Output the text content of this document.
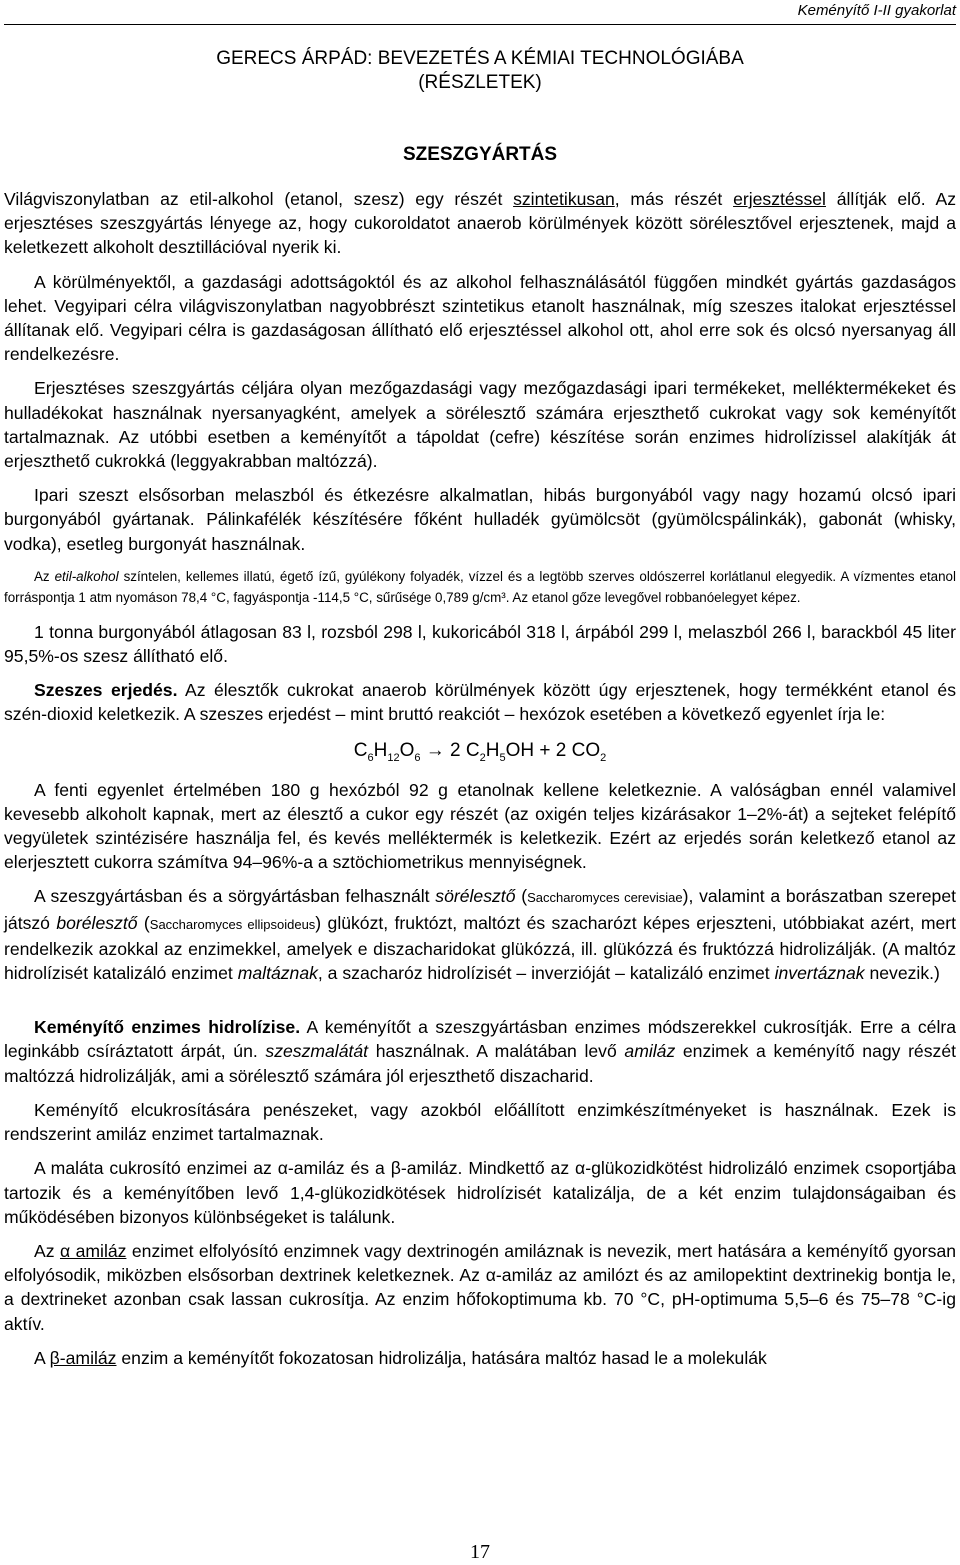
Keményítő I-II gyakorlat
GERECS ÁRPÁD: BEVEZETÉS A KÉMIAI TECHNOLÓGIÁBA
(RÉSZLETEK)
SZESZGYÁRTÁS

Világviszonylatban az etil-alkohol (etanol, szesz) egy részét szintetikusan, más részét erjesztéssel állítják elő. Az erjesztéses szeszgyártás lényege az, hogy cukoroldatot anaerob körülmények között sörélesztővel erjesztenek, majd a keletkezett alkoholt desztillációval nyerik ki.

A körülményektől, a gazdasági adottságoktól és az alkohol felhasználásától függően mindkét gyártás gazdaságos lehet. Vegyipari célra világviszonylatban nagyobbrészt szintetikus etanolt használnak, míg szeszes italokat erjesztéssel állítanak elő. Vegyipari célra is gazdaságosan állítható elő erjesztéssel alkohol ott, ahol erre sok és olcsó nyersanyag áll rendelkezésre.

Erjesztéses szeszgyártás céljára olyan mezőgazdasági vagy mezőgazdasági ipari termékeket, melléktermékeket és hulladékokat használnak nyersanyagként, amelyek a sörélesztő számára erjeszthető cukrokat vagy sok keményítőt tartalmaznak. Az utóbbi esetben a keményítőt a tápoldat (cefre) készítése során enzimes hidrolízissel alakítják át erjeszthető cukrokká (leggyakrabban maltózzá).

Ipari szeszt elsősorban melaszból és étkezésre alkalmatlan, hibás burgonyából vagy nagy hozamú olcsó ipari burgonyából gyártanak. Pálinkafélék készítésére főként hulladék gyümölcsöt (gyümölcspálinkák), gabonát (whisky, vodka), esetleg burgonyát használnak.

Az etil-alkohol színtelen, kellemes illatú, égető ízű, gyúlékony folyadék, vízzel és a legtöbb szerves oldószerrel korlátlanul elegyedik. A vízmentes etanol forráspontja 1 atm nyomáson 78,4 °C, fagyáspontja -114,5 °C, sűrűsége 0,789 g/cm³. Az etanol gőze levegővel robbanóelegyet képez.

1 tonna burgonyából átlagosan 83 l, rozsból 298 l, kukoricából 318 l, árpából 299 l, melaszból 266 l, barackból 45 liter 95,5%-os szesz állítható elő.

Szeszes erjedés. Az élesztők cukrokat anaerob körülmények között úgy erjesztenek, hogy termékként etanol és szén-dioxid keletkezik. A szeszes erjedést – mint bruttó reakciót – hexózok esetében a következő egyenlet írja le:

$C_6H_{12}O_6 \to 2$ $C_2H_5OH + 2$ $CO_2$

A fenti egyenlet értelmében 180 g hexózból 92 g etanolnak kellene keletkeznie. A valóságban ennél valamivel kevesebb alkoholt kapnak, mert az élesztő a cukor egy részét (az oxigén teljes kizárásakor 1–2%-át) a sejteket felépítő vegyületek szintézisére használja fel, és kevés melléktermék is keletkezik. Ezért az erjedés során keletkező etanol az elerjesztett cukorra számítva 94–96%-a a sztöchiometrikus mennyiségnek.

A szeszgyártásban és a sörgyártásban felhasznált sörélesztő (Saccharomyces cerevisiae), valamint a borászatban szerepet játszó borélesztő (Saccharomyces ellipsoideus) glükózt, fruktózt, maltózt és szacharózt képes erjeszteni, utóbbiakat azért, mert rendelkezik azokkal az enzimekkel, amelyek e diszacharidokat glükózzá, ill. glükózzá és fruktózzá hidrolizálják. (A maltóz hidrolízisét katalizáló enzimet maltáznak, a szacharóz hidrolízisét – inverzióját – katalizáló enzimet invertáznak nevezik.)

Keményítő enzimes hidrolízise. A keményítőt a szeszgyártásban enzimes módszerekkel cukrosítják. Erre a célra leginkább csíráztatott árpát, ún. szeszmalátát használnak. A malátában levő amiláz enzimek a keményítő nagy részét maltózzá hidrolizálják, ami a sörélesztő számára jól erjeszthető diszacharid.

Keményítő elcukrosítására penészeket, vagy azokból előállított enzimkészítményeket is használnak. Ezek is rendszerint amiláz enzimet tartalmaznak.

A maláta cukrosító enzimei az α-amiláz és a β-amiláz. Mindkettő az α-glükozidkötést hidrolizáló enzimek csoportjába tartozik és a keményítőben levő 1,4-glükozidkötések hidrolízisét katalizálja, de a két enzim tulajdonságaiban és működésében bizonyos különbségeket is találunk.

Az α amiláz enzimet elfolyósító enzimnek vagy dextrinogén amiláznak is nevezik, mert hatására a keményítő gyorsan elfolyósodik, miközben elsősorban dextrinek keletkeznek. Az α-amiláz az amilózt és az amilopektint dextrinekig bontja le, a dextrineket azonban csak lassan cukrosítja. Az enzim hőfokoptimuma kb. 70 °C, pH-optimuma 5,5–6 és 75–78 °C-ig aktív.

A β-amiláz enzim a keményítőt fokozatosan hidrolizálja, hatására maltóz hasad le a molekulák

17
